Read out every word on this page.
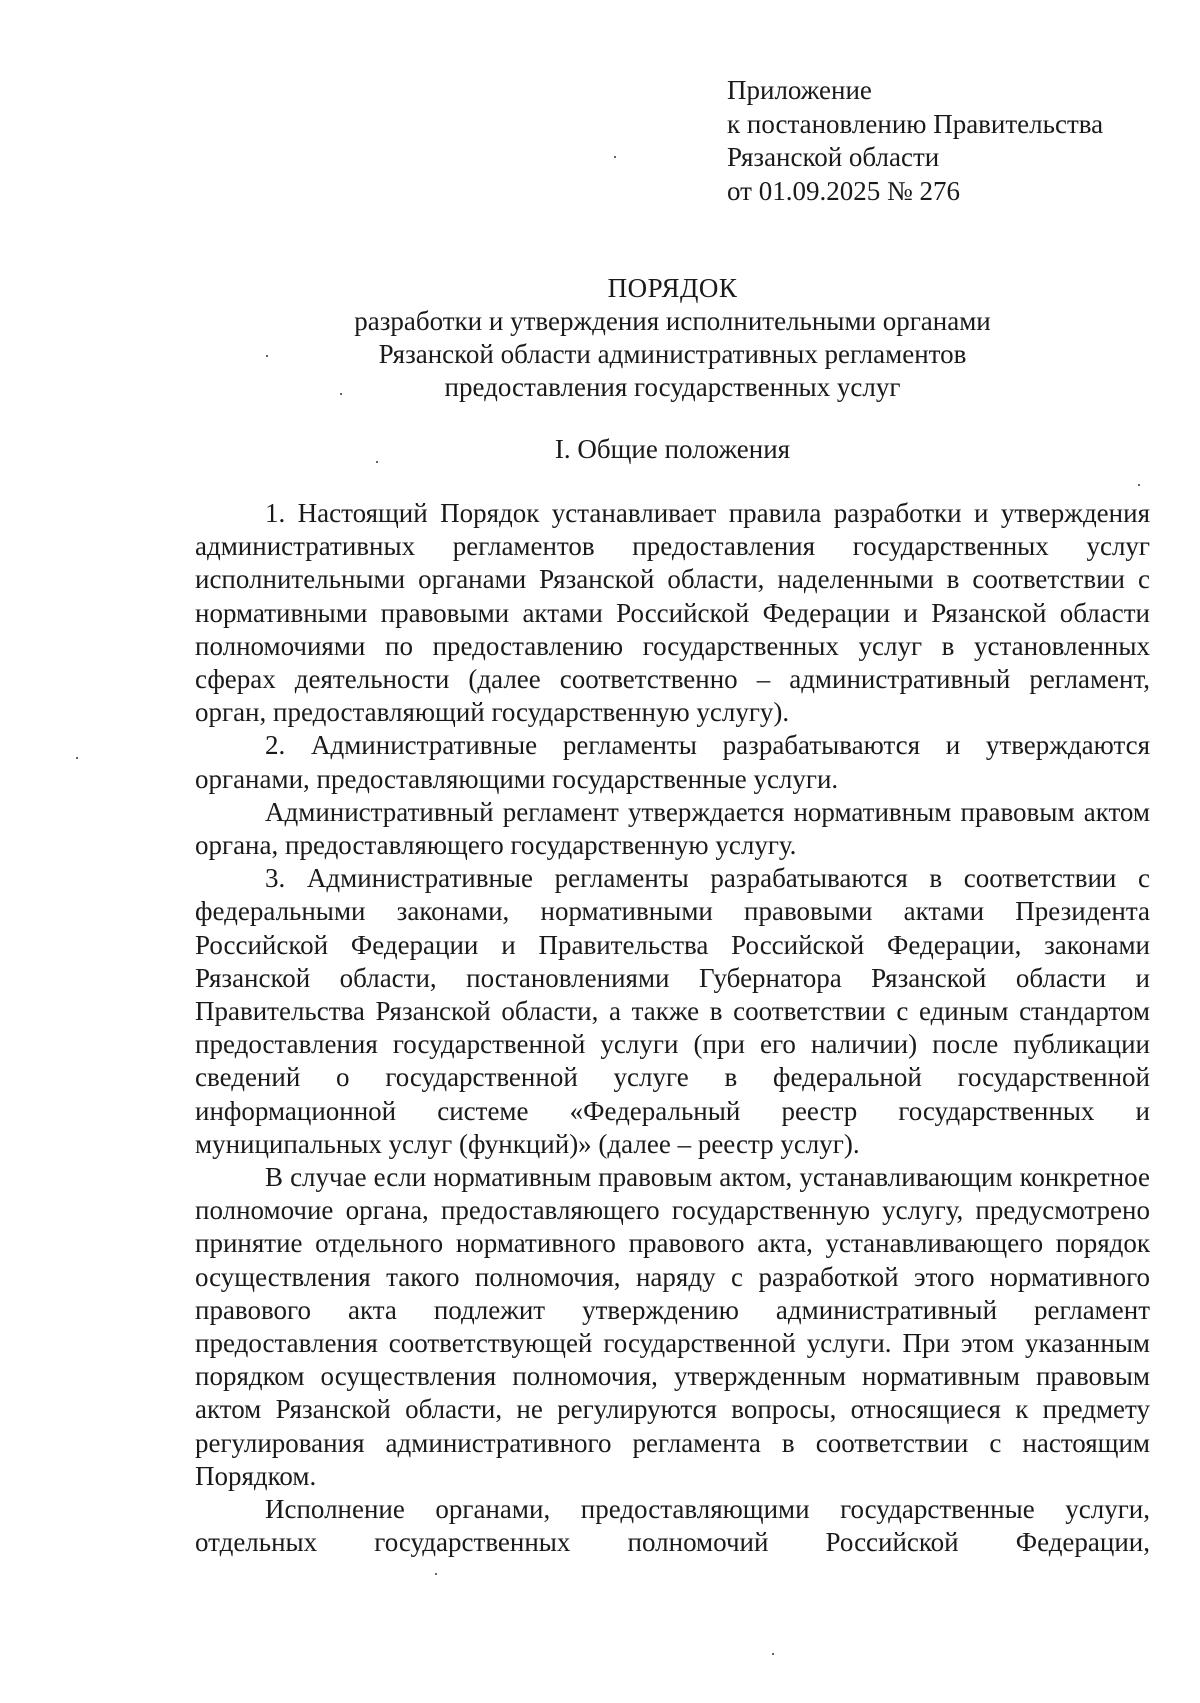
Приложение
к постановлению Правительства
Рязанской области
от 01.09.2025 № 276
ПОРЯДОК
разработки и утверждения исполнительными органами
Рязанской области административных регламентов
предоставления государственных услуг
I. Общие положения

1. Настоящий Порядок устанавливает правила разработки и утверждения административных регламентов предоставления государственных услуг исполнительными органами Рязанской области, наделенными в соответствии с нормативными правовыми актами Российской Федерации и Рязанской области полномочиями по предоставлению государственных услуг в установленных сферах деятельности (далее соответственно – административный регламент, орган, предоставляющий государственную услугу).

2. Административные регламенты разрабатываются и утверждаются органами, предоставляющими государственные услуги.

Административный регламент утверждается нормативным правовым актом органа, предоставляющего государственную услугу.

3. Административные регламенты разрабатываются в соответствии с федеральными законами, нормативными правовыми актами Президента Российской Федерации и Правительства Российской Федерации, законами Рязанской области, постановлениями Губернатора Рязанской области и Правительства Рязанской области, а также в соответствии с единым стандартом предоставления государственной услуги (при его наличии) после публикации сведений о государственной услуге в федеральной государственной информационной системе «Федеральный реестр государственных и муниципальных услуг (функций)» (далее – реестр услуг).

В случае если нормативным правовым актом, устанавливающим конкретное полномочие органа, предоставляющего государственную услугу, предусмотрено принятие отдельного нормативного правового акта, устанавливающего порядок осуществления такого полномочия, наряду с разработкой этого нормативного правового акта подлежит утверждению административный регламент предоставления соответствующей государственной услуги. При этом указанным порядком осуществления полномочия, утвержденным нормативным правовым актом Рязанской области, не регулируются вопросы, относящиеся к предмету регулирования административного регламента в соответствии с настоящим Порядком.

Исполнение органами, предоставляющими государственные услуги, отдельных государственных полномочий Российской Федерации,
